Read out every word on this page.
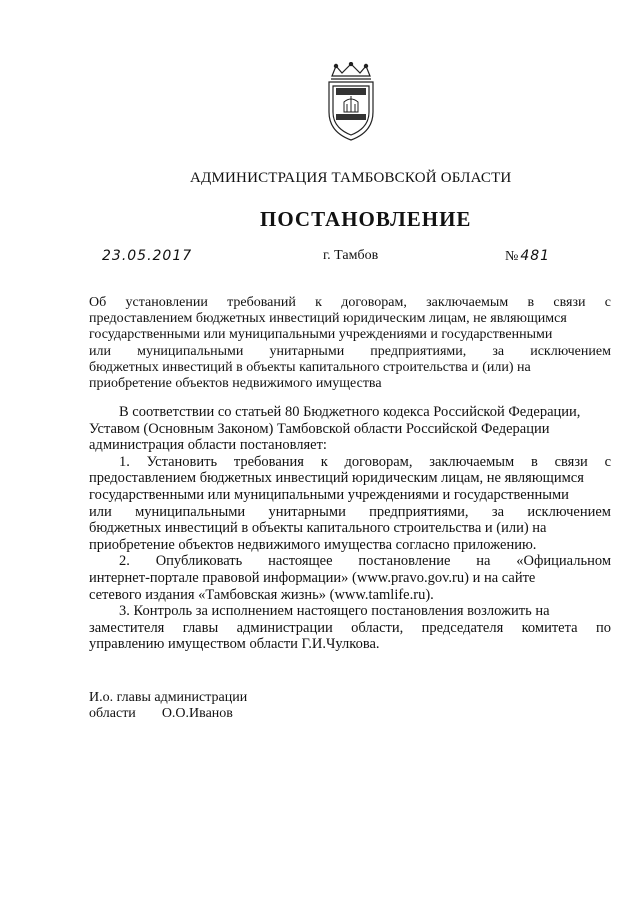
АДМИНИСТРАЦИЯ ТАМБОВСКОЙ ОБЛАСТИ
ПОСТАНОВЛЕНИЕ
23.05.2017	г. Тамбов	№ 481
Об установлении требований к договорам, заключаемым в связи с
предоставлением бюджетных инвестиций юридическим лицам, не являющимся
государственными или муниципальными учреждениями и государственными
или муниципальными унитарными предприятиями, за исключением
бюджетных инвестиций в объекты капитального строительства и (или) на
приобретение объектов недвижимого имущества
В соответствии со статьей 80 Бюджетного кодекса Российской Федерации,
Уставом (Основным Законом) Тамбовской области Российской Федерации
администрация области постановляет:
1. Установить требования к договорам, заключаемым в связи с
предоставлением бюджетных инвестиций юридическим лицам, не являющимся
государственными или муниципальными учреждениями и государственными
или муниципальными унитарными предприятиями, за исключением
бюджетных инвестиций в объекты капитального строительства и (или) на
приобретение объектов недвижимого имущества согласно приложению.
2. Опубликовать настоящее постановление на «Официальном
интернет-портале правовой информации» (www.pravo.gov.ru) и на сайте
сетевого издания «Тамбовская жизнь» (www.tamlife.ru).
3. Контроль за исполнением настоящего постановления возложить на
заместителя главы администрации области, председателя комитета по
управлению имуществом области Г.И.Чулкова.
И.о. главы администрации
области О.О.Иванов
